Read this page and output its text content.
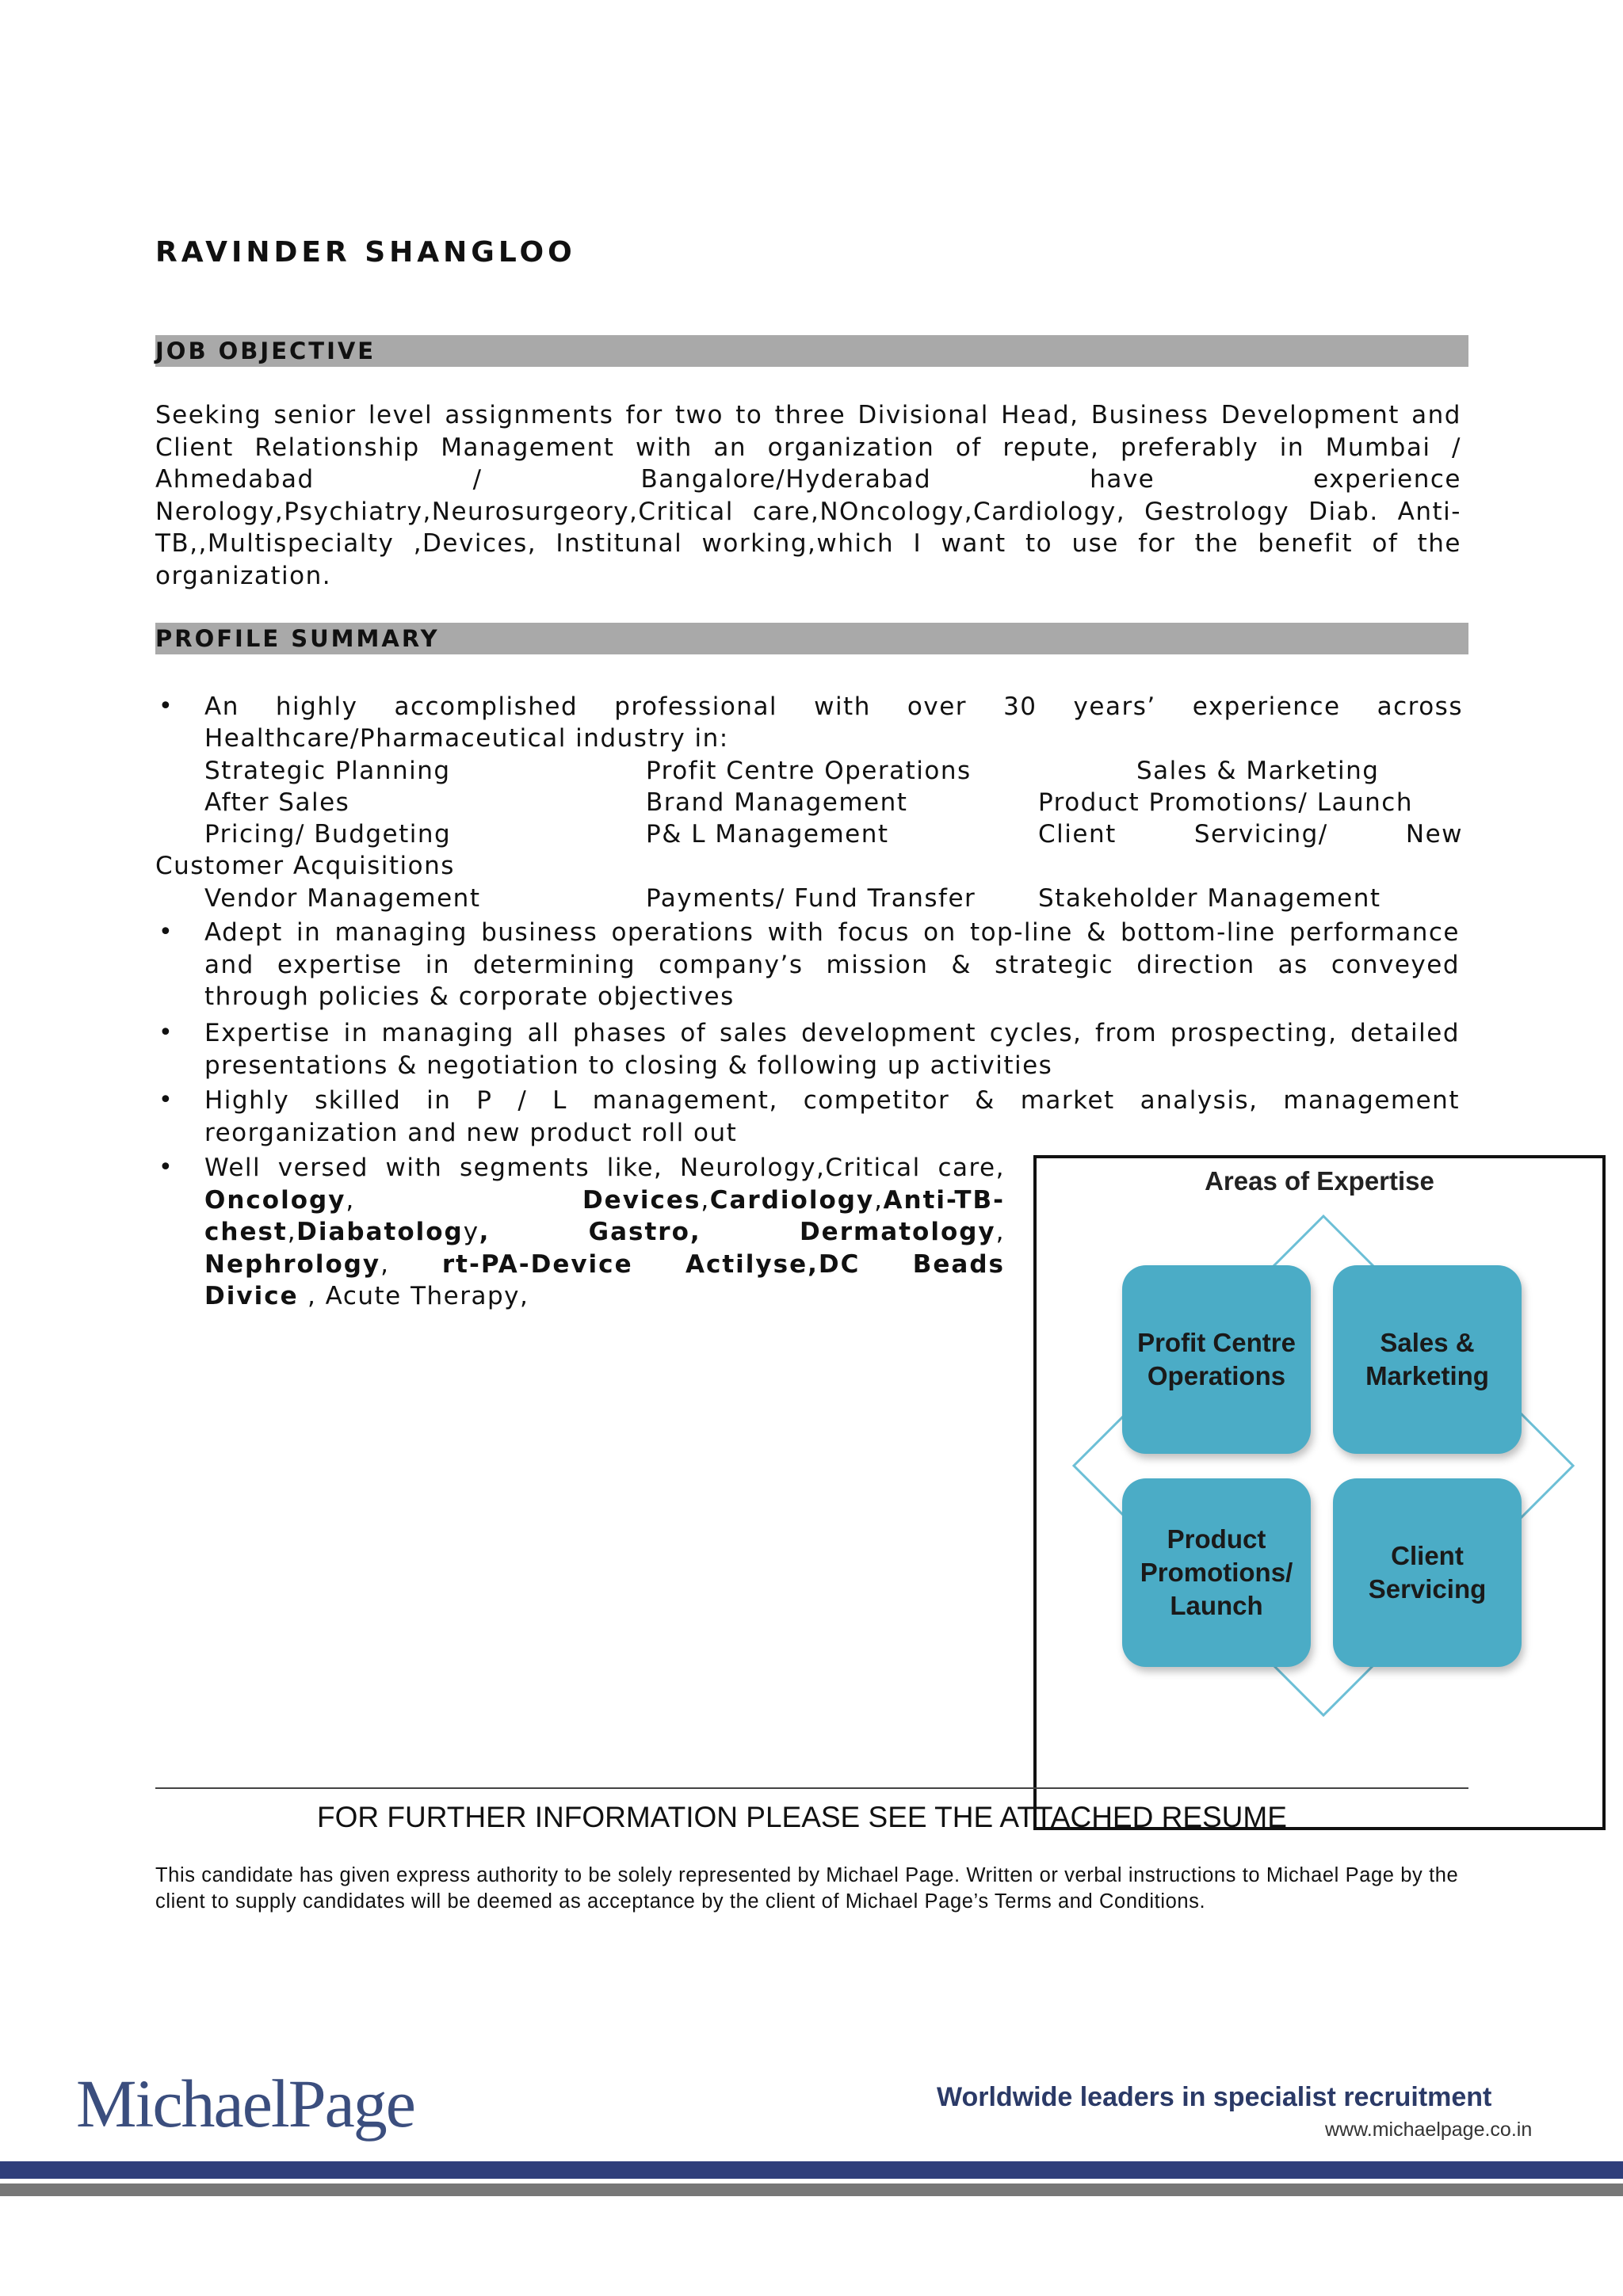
RAVINDER SHANGLOO
JOB OBJECTIVE
Seeking senior level assignments for two to three Divisional Head, Business Development and
Client Relationship Management with an organization of repute, preferably in Mumbai /
Ahmedabad / Bangalore/Hyderabad have experience
Nerology,Psychiatry,Neurosurgeory,Critical care,NOncology,Cardiology, Gestrology Diab. Anti-
TB,,Multispecialty ,Devices, Institunal working,which I want to use for the benefit of the
organization.
PROFILE SUMMARY
• An highly accomplished professional with over 30 years’ experience across
Healthcare/Pharmaceutical industry in:
Strategic Planning	Profit Centre Operations	Sales & Marketing
After Sales	Brand Management	Product Promotions/ Launch
Pricing/ Budgeting	P& L Management	Client Servicing/ New
Customer Acquisitions
Vendor Management	Payments/ Fund Transfer	Stakeholder Management
• Adept in managing business operations with focus on top-line & bottom-line performance
and expertise in determining company’s mission & strategic direction as conveyed
through policies & corporate objectives
• Expertise in managing all phases of sales development cycles, from prospecting, detailed
presentations & negotiation to closing & following up activities
• Highly skilled in P / L management, competitor & market analysis, management
reorganization and new product roll out
• Well versed with segments like, Neurology,Critical care,
Oncology,	Devices,Cardiology,Anti-TB-
chest,Diabatology,	Gastro,	Dermatology,
Nephrology, rt-PA-Device Actilyse,DC Beads
Divice , Acute Therapy,
Areas of Expertise
Profit Centre Operations
Sales & Marketing
Product Promotions/ Launch
Client Servicing
FOR FURTHER INFORMATION PLEASE SEE THE ATTACHED RESUME
This candidate has given express authority to be solely represented by Michael Page. Written or verbal instructions to Michael Page by the client to supply candidates will be deemed as acceptance by the client of Michael Page’s Terms and Conditions.
MichaelPage	Worldwide leaders in specialist recruitment
www.michaelpage.co.in
